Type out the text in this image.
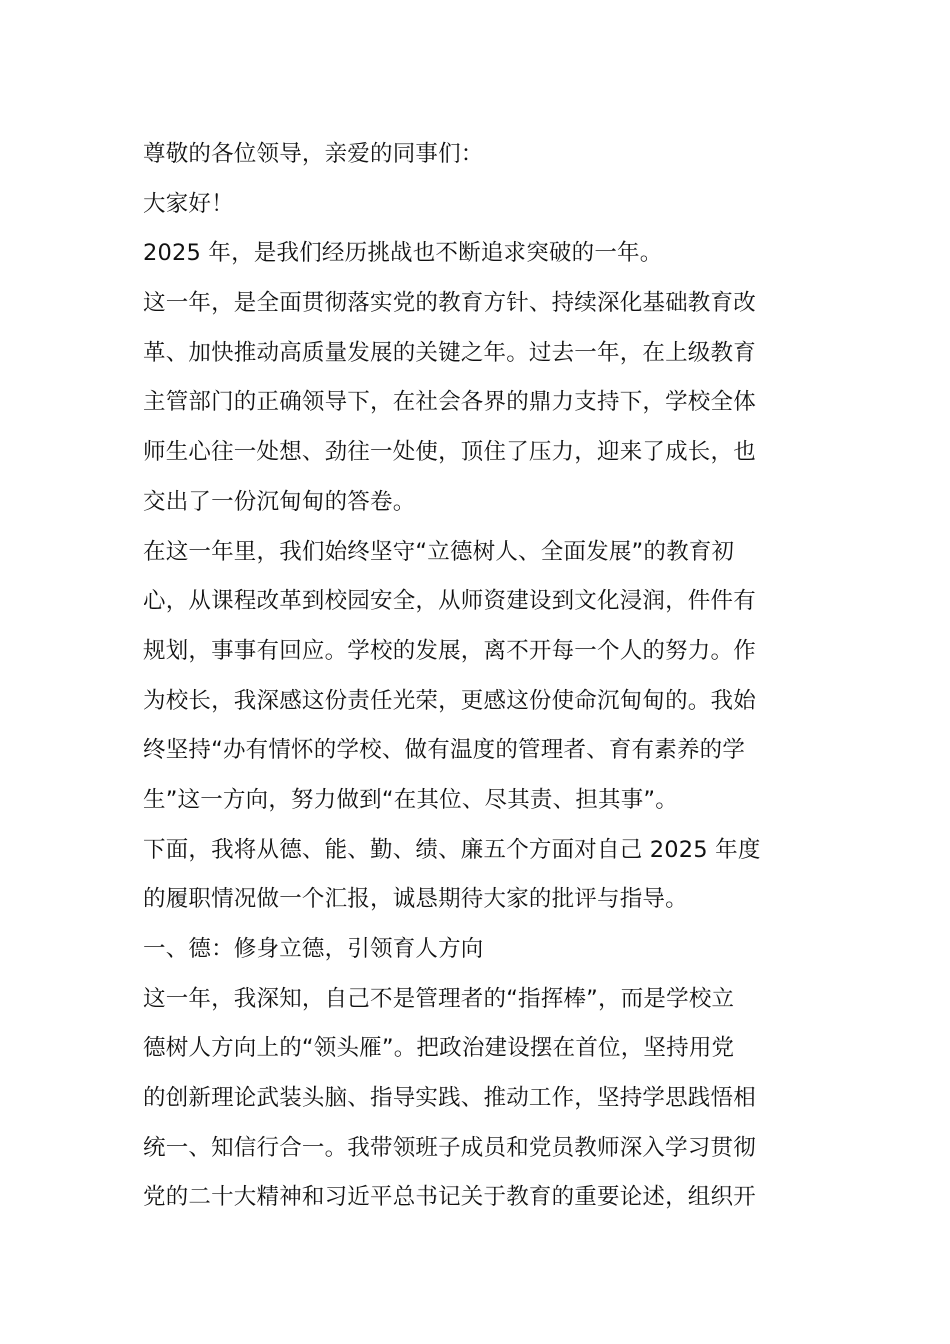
尊敬的各位领导，亲爱的同事们：
大家好！
2025 年，是我们经历挑战也不断追求突破的一年。
这一年，是全面贯彻落实党的教育方针、持续深化基础教育改
革、加快推动高质量发展的关键之年。过去一年，在上级教育
主管部门的正确领导下，在社会各界的鼎力支持下，学校全体
师生心往一处想、劲往一处使，顶住了压力，迎来了成长，也
交出了一份沉甸甸的答卷。
在这一年里，我们始终坚守“立德树人、全面发展”的教育初
心，从课程改革到校园安全，从师资建设到文化浸润，件件有
规划，事事有回应。学校的发展，离不开每一个人的努力。作
为校长，我深感这份责任光荣，更感这份使命沉甸甸的。我始
终坚持“办有情怀的学校、做有温度的管理者、育有素养的学
生”这一方向，努力做到“在其位、尽其责、担其事”。
下面，我将从德、能、勤、绩、廉五个方面对自己 2025 年度
的履职情况做一个汇报，诚恳期待大家的批评与指导。
一、德：修身立德，引领育人方向
这一年，我深知，自己不是管理者的“指挥棒”，而是学校立
德树人方向上的“领头雁”。把政治建设摆在首位，坚持用党
的创新理论武装头脑、指导实践、推动工作，坚持学思践悟相
统一、知信行合一。我带领班子成员和党员教师深入学习贯彻
党的二十大精神和习近平总书记关于教育的重要论述，组织开
